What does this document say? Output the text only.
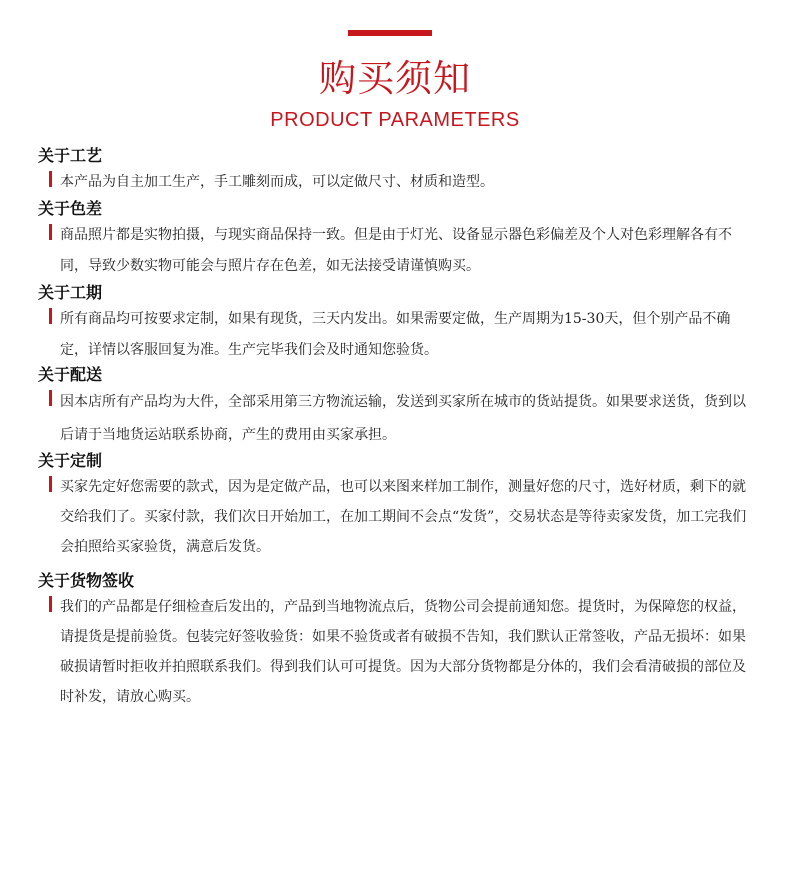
购买须知
PRODUCT PARAMETERS
关于工艺
本产品为自主加工生产，手工雕刻而成，可以定做尺寸、材质和造型。
关于色差
商品照片都是实物拍摄，与现实商品保持一致。但是由于灯光、设备显示器色彩偏差及个人对色彩理解各有不同，导致少数实物可能会与照片存在色差，如无法接受请谨慎购买。
关于工期
所有商品均可按要求定制，如果有现货，三天内发出。如果需要定做，生产周期为15-30天，但个别产品不确定，详情以客服回复为准。生产完毕我们会及时通知您验货。
关于配送
因本店所有产品均为大件，全部采用第三方物流运输，发送到买家所在城市的货站提货。如果要求送货，货到以后请于当地货运站联系协商，产生的费用由买家承担。
关于定制
买家先定好您需要的款式，因为是定做产品，也可以来图来样加工制作，测量好您的尺寸，选好材质，剩下的就交给我们了。买家付款，我们次日开始加工，在加工期间不会点“发货”，交易状态是等待卖家发货，加工完我们会拍照给买家验货，满意后发货。
关于货物签收
我们的产品都是仔细检查后发出的，产品到当地物流点后，货物公司会提前通知您。提货时，为保障您的权益，请提货是提前验货。包装完好签收验货：如果不验货或者有破损不告知，我们默认正常签收，产品无损坏：如果破损请暂时拒收并拍照联系我们。得到我们认可可提货。因为大部分货物都是分体的，我们会看清破损的部位及时补发，请放心购买。
